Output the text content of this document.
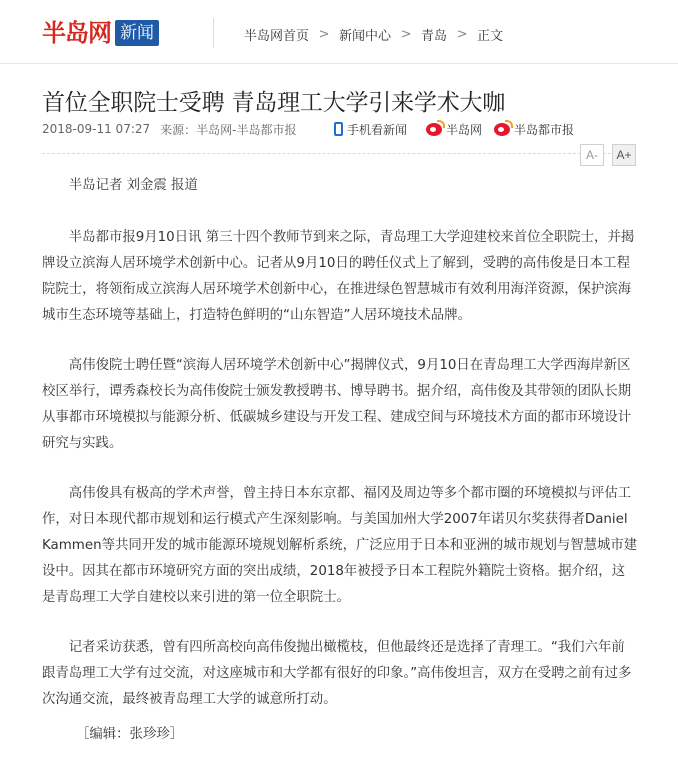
半岛网 新闻	半岛网首页 > 新闻中心 > 青岛 > 正文
首位全职院士受聘 青岛理工大学引来学术大咖
2018-09-11 07:27 来源：半岛网-半岛都市报	手机看新闻	半岛网	半岛都市报
A-	A+

半岛记者 刘金震 报道

半岛都市报9月10日讯 第三十四个教师节到来之际，青岛理工大学迎建校来首位全职院士，并揭牌设立滨海人居环境学术创新中心。记者从9月10日的聘任仪式上了解到，受聘的高伟俊是日本工程院院士，将领衔成立滨海人居环境学术创新中心，在推进绿色智慧城市有效利用海洋资源，保护滨海城市生态环境等基础上，打造特色鲜明的“山东智造”人居环境技术品牌。

高伟俊院士聘任暨“滨海人居环境学术创新中心”揭牌仪式，9月10日在青岛理工大学西海岸新区校区举行，谭秀森校长为高伟俊院士颁发教授聘书、博导聘书。据介绍，高伟俊及其带领的团队长期从事都市环境模拟与能源分析、低碳城乡建设与开发工程、建成空间与环境技术方面的都市环境设计研究与实践。

高伟俊具有极高的学术声誉，曾主持日本东京都、福冈及周边等多个都市圈的环境模拟与评估工作，对日本现代都市规划和运行模式产生深刻影响。与美国加州大学2007年诺贝尔奖获得者Daniel Kammen等共同开发的城市能源环境规划解析系统，广泛应用于日本和亚洲的城市规划与智慧城市建设中。因其在都市环境研究方面的突出成绩，2018年被授予日本工程院外籍院士资格。据介绍，这是青岛理工大学自建校以来引进的第一位全职院士。

记者采访获悉，曾有四所高校向高伟俊抛出橄榄枝，但他最终还是选择了青理工。“我们六年前跟青岛理工大学有过交流，对这座城市和大学都有很好的印象。”高伟俊坦言，双方在受聘之前有过多次沟通交流，最终被青岛理工大学的诚意所打动。

［编辑：张珍珍］
